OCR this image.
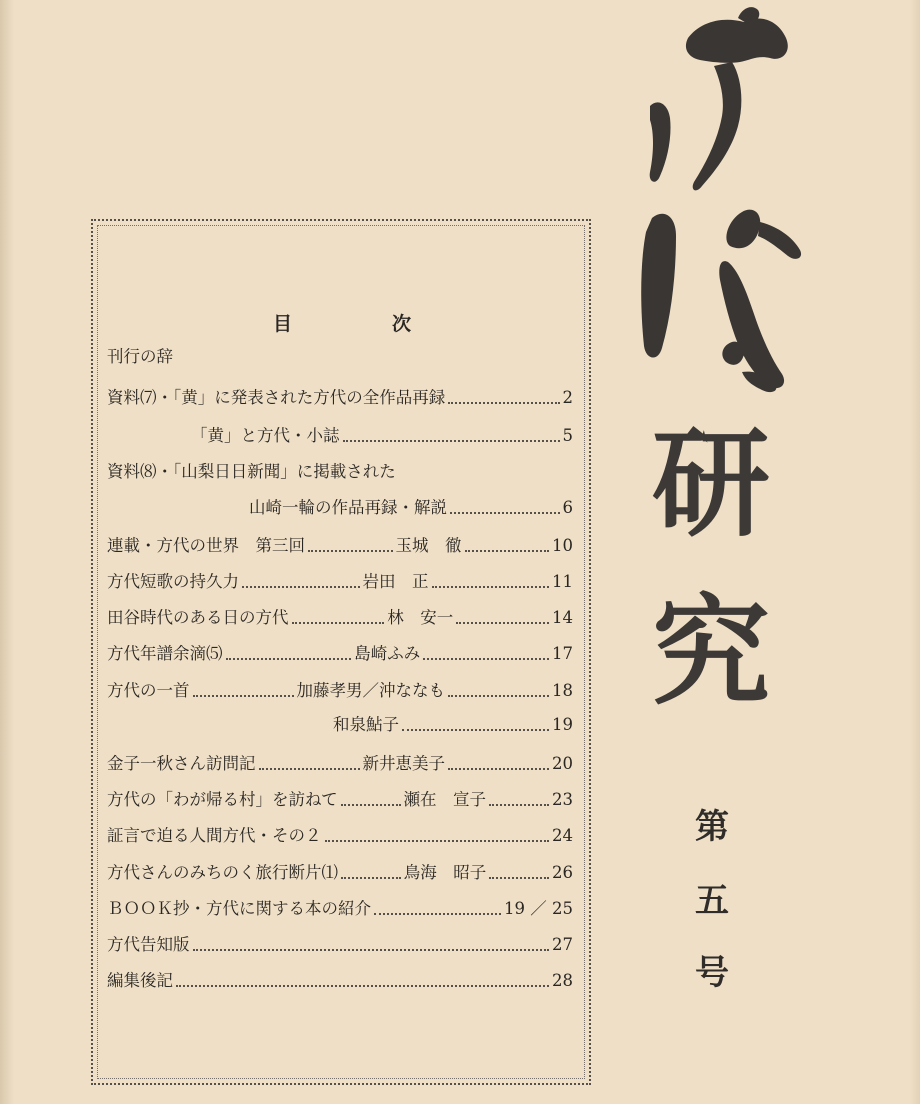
目	次
刊行の辞
資料⑺・「黄」に発表された方代の全作品再録	2
「黄」と方代・小誌	5
資料⑻・「山梨日日新聞」に掲載された
山崎一輪の作品再録・解説	6
連載・方代の世界　第三回	玉城　徹	10
方代短歌の持久力	岩田　正	11
田谷時代のある日の方代	林　安一	14
方代年譜余滴⑸	島崎ふみ	17
方代の一首	加藤孝男／沖ななも	18
和泉鮎子	19
金子一秋さん訪問記	新井恵美子	20
方代の「わが帰る村」を訪ねて	瀬在　宣子	23
証言で迫る人間方代・その２	24
方代さんのみちのく旅行断片⑴	鳥海　昭子	26
ＢＯＯＫ抄・方代に関する本の紹介	19 ／ 25
方代告知版	27
編集後記	28
研
究
第
五
号
